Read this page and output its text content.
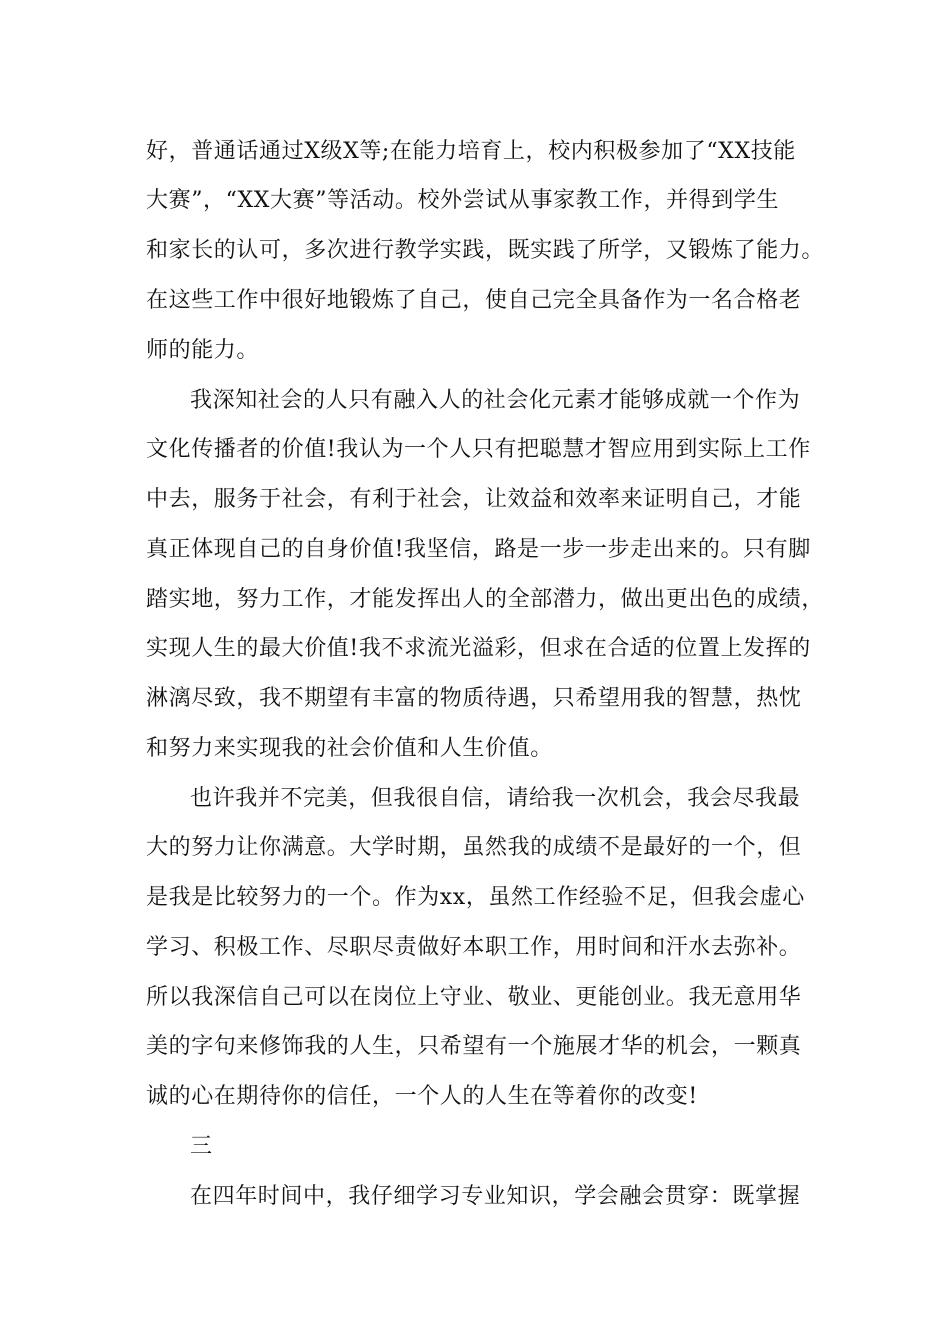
好，普通话通过X级X等;在能力培育上，校内积极参加了“XX技能
大赛”，“XX大赛”等活动。校外尝试从事家教工作，并得到学生
和家长的认可，多次进行教学实践，既实践了所学，又锻炼了能力。
在这些工作中很好地锻炼了自己，使自己完全具备作为一名合格老
师的能力。
我深知社会的人只有融入人的社会化元素才能够成就一个作为
文化传播者的价值!我认为一个人只有把聪慧才智应用到实际上工作
中去，服务于社会，有利于社会，让效益和效率来证明自己，才能
真正体现自己的自身价值!我坚信，路是一步一步走出来的。只有脚
踏实地，努力工作，才能发挥出人的全部潜力，做出更出色的成绩，
实现人生的最大价值!我不求流光溢彩，但求在合适的位置上发挥的
淋漓尽致，我不期望有丰富的物质待遇，只希望用我的智慧，热忱
和努力来实现我的社会价值和人生价值。
也许我并不完美，但我很自信，请给我一次机会，我会尽我最
大的努力让你满意。大学时期，虽然我的成绩不是最好的一个，但
是我是比较努力的一个。作为xx，虽然工作经验不足，但我会虚心
学习、积极工作、尽职尽责做好本职工作，用时间和汗水去弥补。
所以我深信自己可以在岗位上守业、敬业、更能创业。我无意用华
美的字句来修饰我的人生，只希望有一个施展才华的机会，一颗真
诚的心在期待你的信任，一个人的人生在等着你的改变!
三
在四年时间中，我仔细学习专业知识，学会融会贯穿：既掌握
